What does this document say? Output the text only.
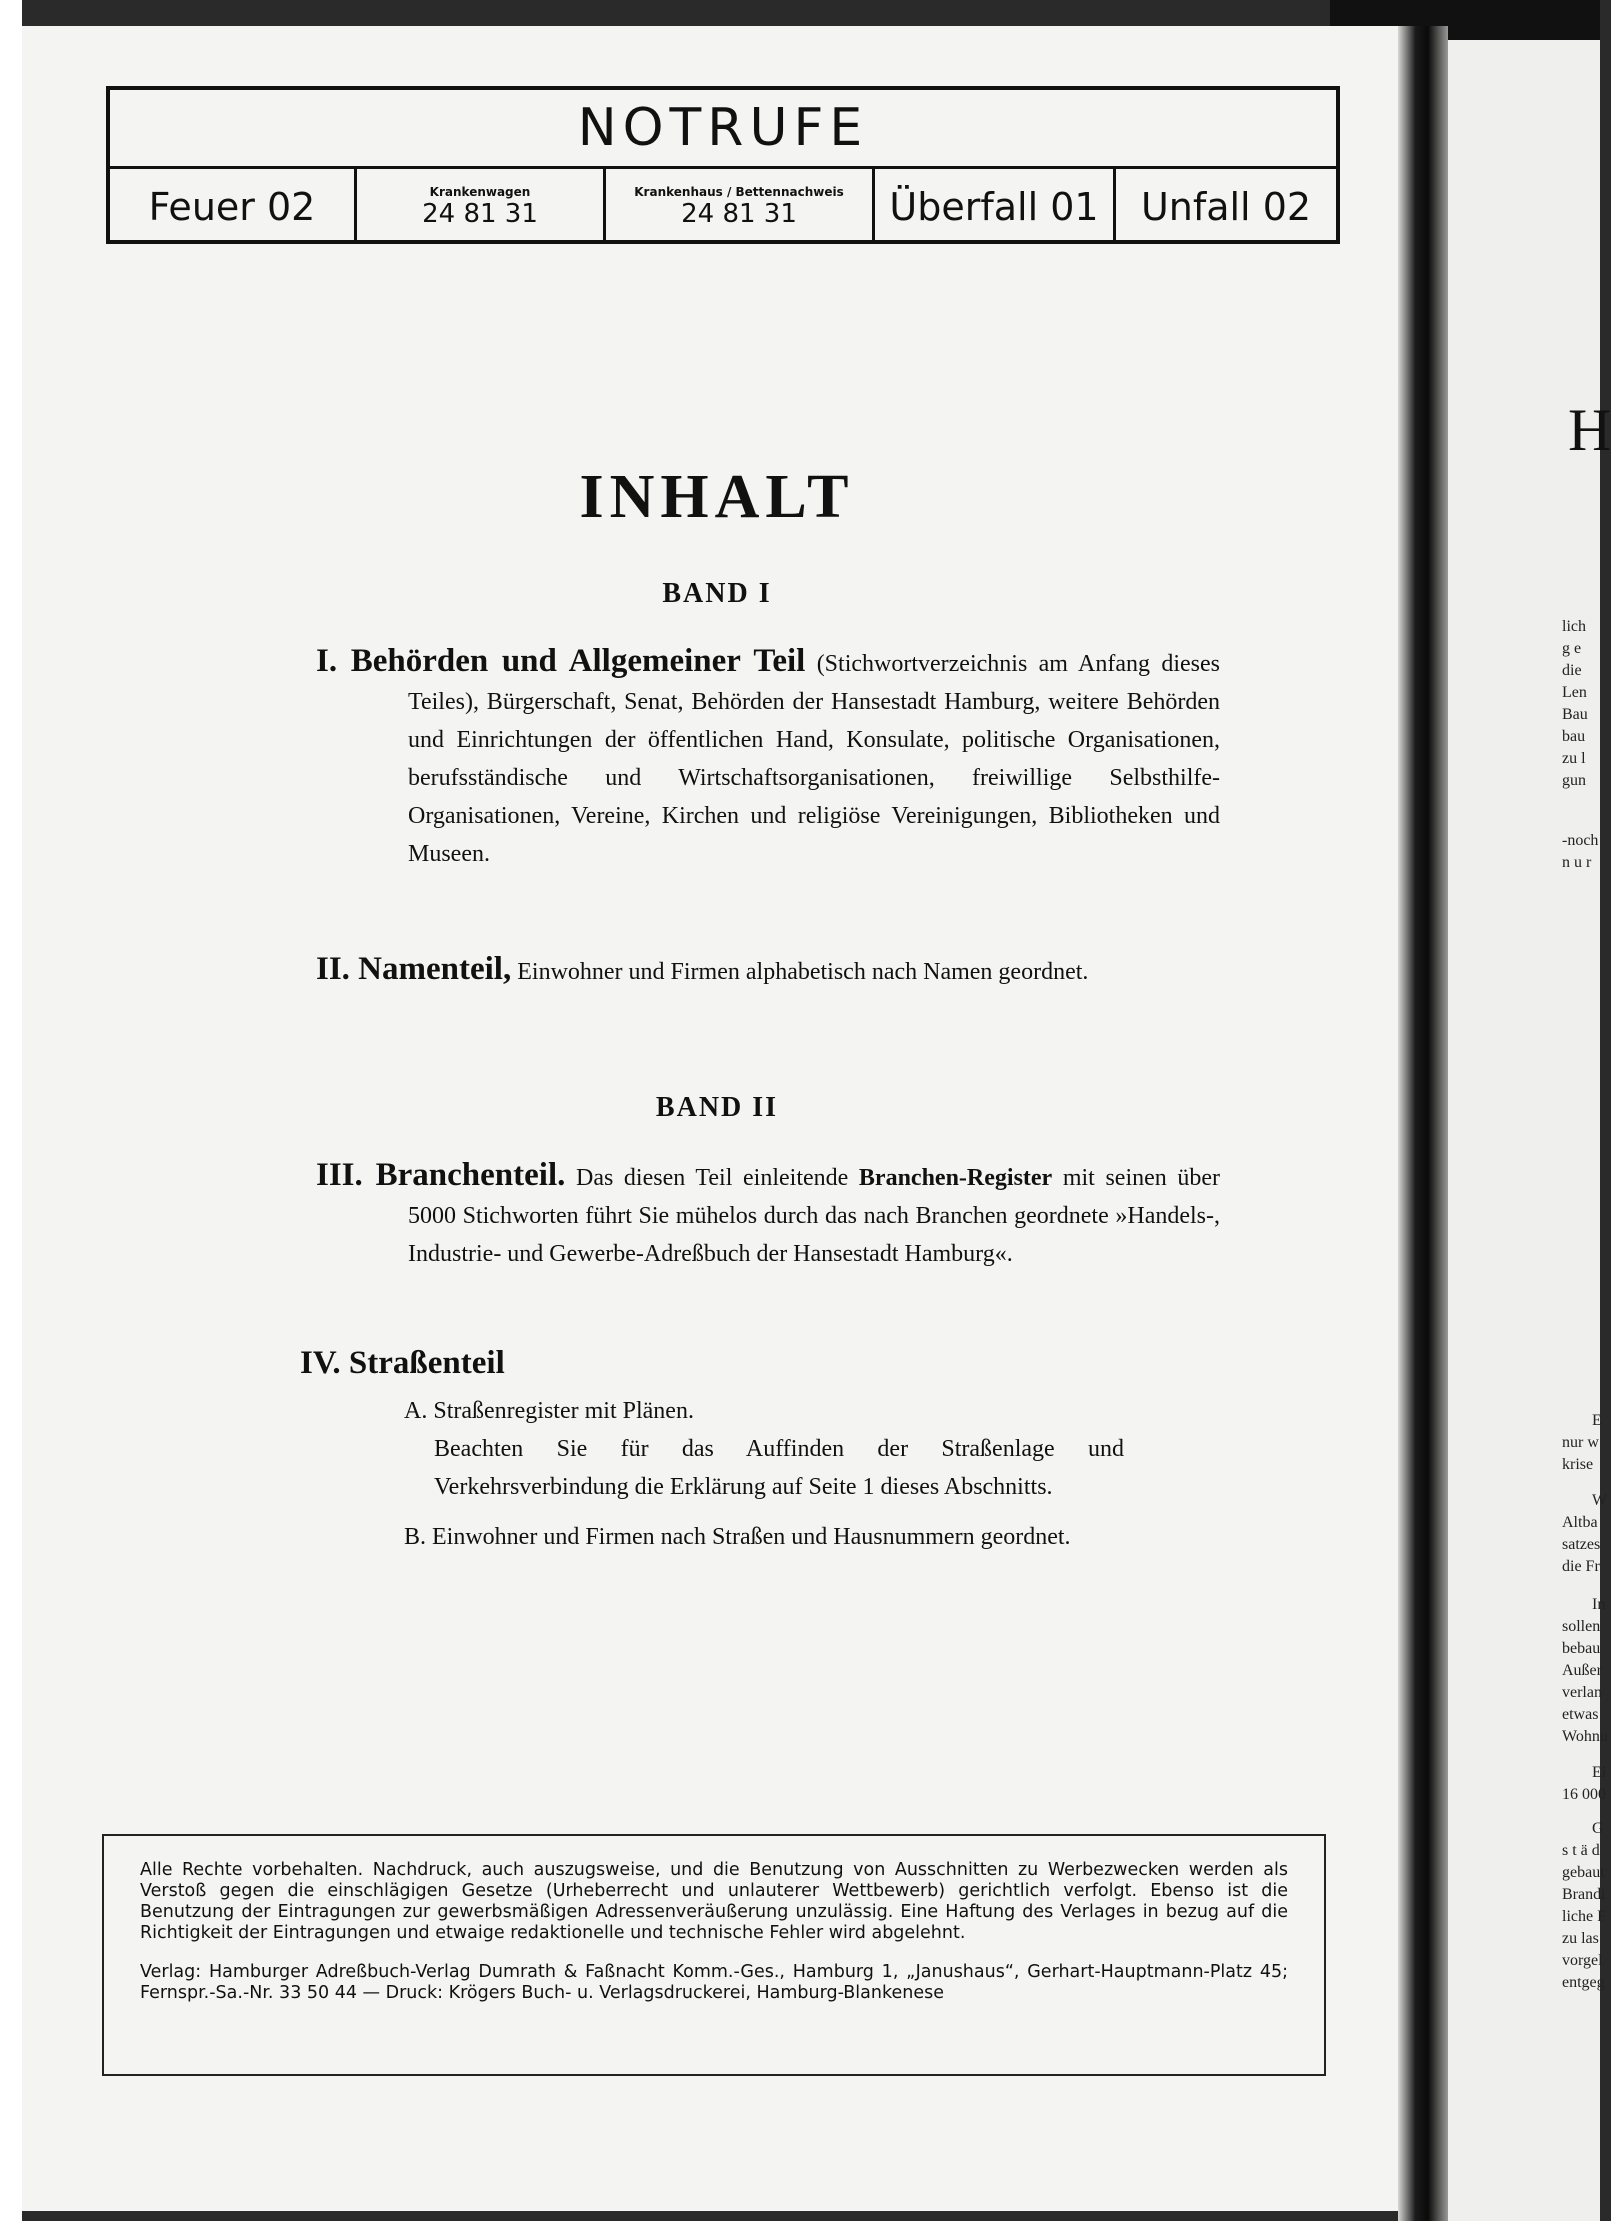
NOTRUFE
Feuer 02	Krankenwagen
24 81 31
Krankenhaus / Bettennachweis
24 81 31 Überfall 01 Unfall 02
INHALT
BAND I
BAND II
I. Behörden und Allgemeiner Teil (Stichwortverzeichnis am Anfang dieses Teiles), Bürgerschaft, Senat, Behörden der Hansestadt Hamburg, weitere Behörden und Einrichtungen der öffentlichen Hand, Konsulate, politische Organisationen, berufsständische und Wirtschaftsorganisationen, freiwillige Selbsthilfe-Organisationen, Vereine, Kirchen und religiöse Vereinigungen, Bibliotheken und Museen.
II. Namenteil, Einwohner und Firmen alphabetisch nach Namen geordnet.
III. Branchenteil. Das diesen Teil einleitende Branchen-Register mit seinen über 5000 Stichworten führt Sie mühelos durch das nach Branchen geordnete »Handels-, Industrie- und Gewerbe-Adreßbuch der Hansestadt Hamburg«.
IV. Straßenteil
A. Straßenregister mit Plänen.
Beachten Sie für das Auffinden der Straßenlage und Verkehrsverbindung die Erklärung auf Seite 1 dieses Abschnitts.
B. Einwohner und Firmen nach Straßen und Hausnummern geordnet.

Alle Rechte vorbehalten. Nachdruck, auch auszugsweise, und die Benutzung von Ausschnitten zu Werbezwecken werden als Verstoß gegen die einschlägigen Gesetze (Urheberrecht und unlauterer Wettbewerb) gerichtlich verfolgt. Ebenso ist die Benutzung der Eintragungen zur gewerbsmäßigen Adressenveräußerung unzulässig. Eine Haftung des Verlages in bezug auf die Richtigkeit der Eintragungen und etwaige redaktionelle und technische Fehler wird abgelehnt.

Verlag: Hamburger Adreßbuch-Verlag Dumrath & Faßnacht Komm.-Ges., Hamburg 1, „Janushaus“, Gerhart-Hauptmann-Platz 45; Fernspr.-Sa.-Nr. 33 50 44 — Druck: Krögers Buch- u. Verlagsdruckerei, Hamburg-Blankenese

H
lich
g e
die
Len
Bau
bau
zu l
gun
-noch
n u r
E
nur w
krise
W
Altba
satzes
die Fr
In
sollen
bebau
Außer
verlan
etwas
Wohnu
Ei
16 000
G
s t ä d
gebaut
Brandi
liche F
zu las
vorgel
entgeg
